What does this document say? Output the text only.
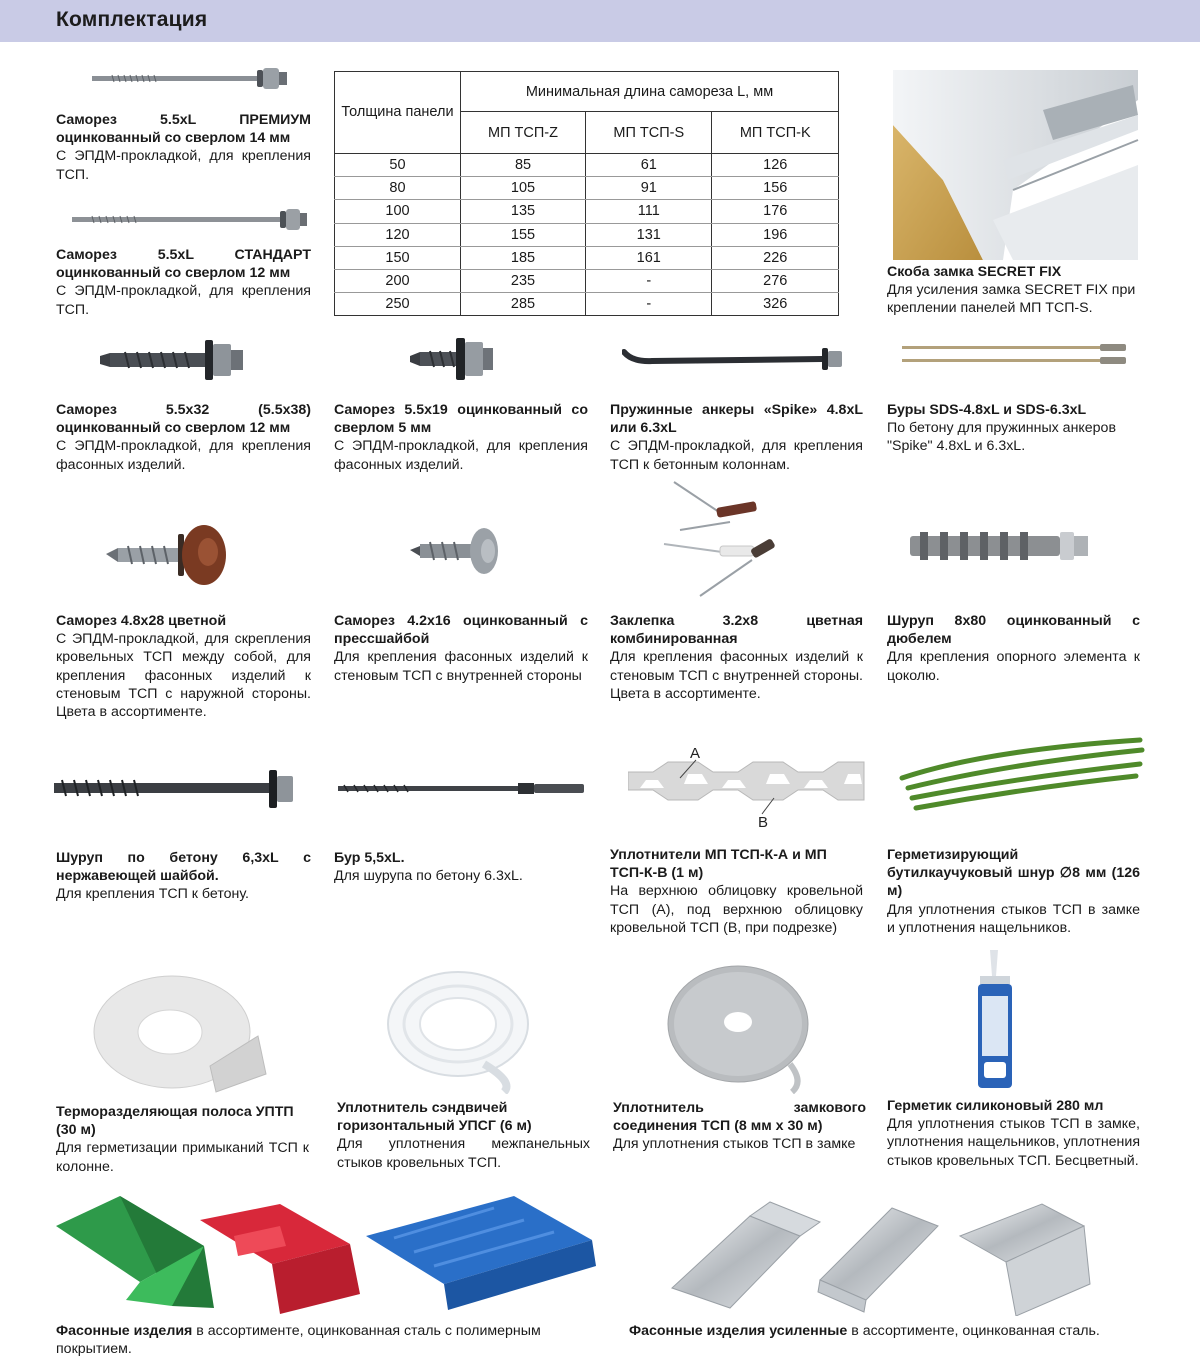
Комплектация
Саморез 5.5xL ПРЕМИУМ оцинкованный со сверлом 14 мм
С ЭПДМ-прокладкой, для крепления ТСП.
Саморез 5.5xL СТАНДАРТ оцинкованный со сверлом 12 мм
С ЭПДМ-прокладкой, для крепления ТСП.
Толщина панели	Минимальная длина самореза L, мм		
	МП ТСП-Z	МП ТСП-S	МП ТСП-K
50	85	61	126
80	105	91	156
100	135	111	176
120	155	131	196
150	185	161	226
200	235	-	276
250	285	-	326
Скоба замка SECRET FIX
Для усиления замка SECRET FIX при креплении панелей МП ТСП-S.
Саморез 5.5x32 (5.5x38) оцинкованный со сверлом 12 мм
С ЭПДМ-прокладкой, для крепления фасонных изделий.
Саморез 5.5x19 оцинкованный со сверлом 5 мм
С ЭПДМ-прокладкой, для крепления фасонных изделий.
Пружинные анкеры «Spike» 4.8xL или 6.3xL
С ЭПДМ-прокладкой, для крепления ТСП к бетонным колоннам.
Буры SDS-4.8xL и SDS-6.3xL
По бетону для пружинных анкеров "Spike" 4.8xL и 6.3xL.
Саморез 4.8x28 цветной
С ЭПДМ-прокладкой, для скрепления кровельных ТСП между собой, для крепления фасонных изделий к стеновым ТСП с наружной стороны. Цвета в ассортименте.
Саморез 4.2x16 оцинкованный с прессшайбой
Для крепления фасонных изделий к стеновым ТСП с внутренней стороны
Заклепка 3.2x8 цветная комбинированная
Для крепления фасонных изделий к стеновым ТСП с внутренней стороны. Цвета в ассортименте.
Шуруп 8x80 оцинкованный с дюбелем
Для крепления опорного элемента к цоколю.
Шуруп по бетону 6,3xL с нержавеющей шайбой.
Для крепления ТСП к бетону.
Бур 5,5xL.
Для шурупа по бетону 6.3xL.
A
B
Уплотнители МП ТСП-К-А и МП ТСП-К-В (1 м)
На верхнюю облицовку кровельной ТСП (А), под верхнюю облицовку кровельной ТСП (В, при подрезке)
Герметизирующий бутилкаучуковый шнур ∅8 мм (126 м)
Для уплотнения стыков ТСП в замке и уплотнения нащельников.
Терморазделяющая полоса УПТП (30 м)
Для герметизации примыканий ТСП к колонне.
Уплотнитель сэндвичей горизонтальный УПСГ (6 м)
Для уплотнения межпанельных стыков кровельных ТСП.
Уплотнитель замкового соединения ТСП (8 мм х 30 м)
Для уплотнения стыков ТСП в замке
Герметик силиконовый 280 мл
Для уплотнения стыков ТСП в замке, уплотнения нащельников, уплотнения стыков кровельных ТСП. Бесцветный.
Фасонные изделия в ассортименте, оцинкованная сталь с полимерным покрытием.
Фасонные изделия усиленные в ассортименте, оцинкованная сталь.
